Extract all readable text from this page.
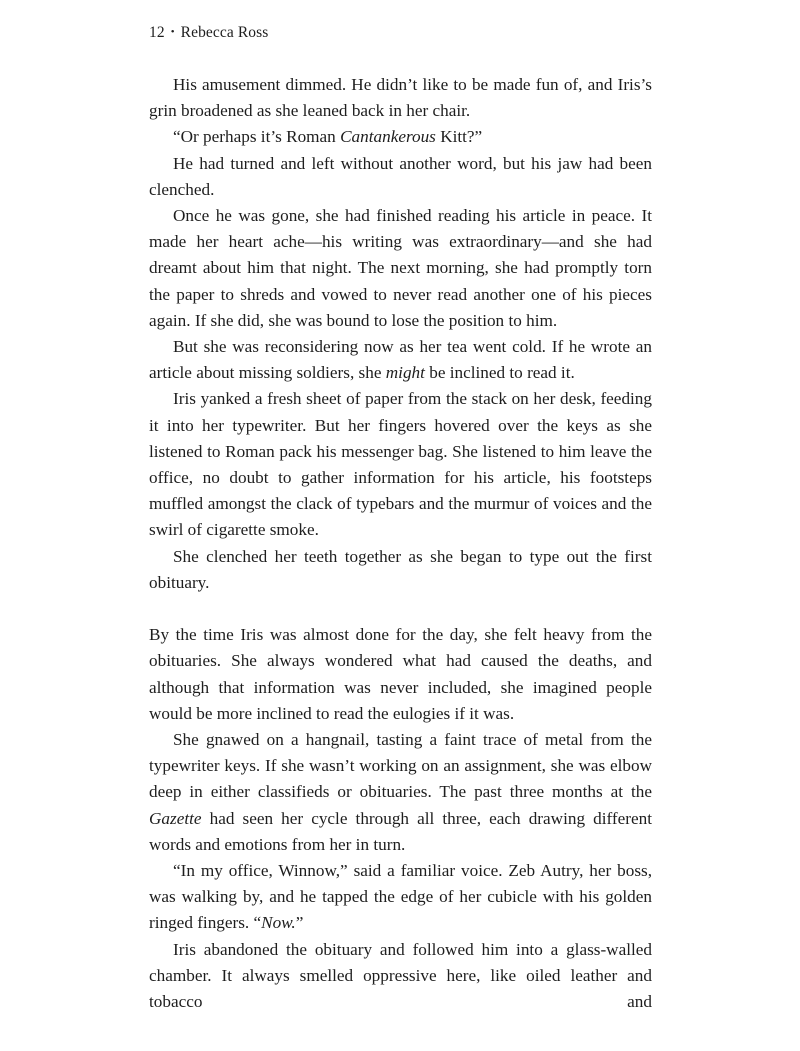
12 • Rebecca Ross

His amusement dimmed. He didn’t like to be made fun of, and Iris’s grin broadened as she leaned back in her chair.

“Or perhaps it’s Roman Cantankerous Kitt?”

He had turned and left without another word, but his jaw had been clenched.

Once he was gone, she had finished reading his article in peace. It made her heart ache—his writing was extraordinary—and she had dreamt about him that night. The next morning, she had promptly torn the paper to shreds and vowed to never read another one of his pieces again. If she did, she was bound to lose the position to him.

But she was reconsidering now as her tea went cold. If he wrote an article about missing soldiers, she might be inclined to read it.

Iris yanked a fresh sheet of paper from the stack on her desk, feeding it into her typewriter. But her fingers hovered over the keys as she listened to Roman pack his messenger bag. She listened to him leave the office, no doubt to gather information for his article, his footsteps muffled amongst the clack of typebars and the murmur of voices and the swirl of cigarette smoke.

She clenched her teeth together as she began to type out the first obituary.

By the time Iris was almost done for the day, she felt heavy from the obituaries. She always wondered what had caused the deaths, and although that information was never included, she imagined people would be more inclined to read the eulogies if it was.

She gnawed on a hangnail, tasting a faint trace of metal from the typewriter keys. If she wasn’t working on an assignment, she was elbow deep in either classifieds or obituaries. The past three months at the Gazette had seen her cycle through all three, each drawing different words and emotions from her in turn.

“In my office, Winnow,” said a familiar voice. Zeb Autry, her boss, was walking by, and he tapped the edge of her cubicle with his golden ringed fingers. “Now.”

Iris abandoned the obituary and followed him into a glass-walled chamber. It always smelled oppressive here, like oiled leather and tobacco and
